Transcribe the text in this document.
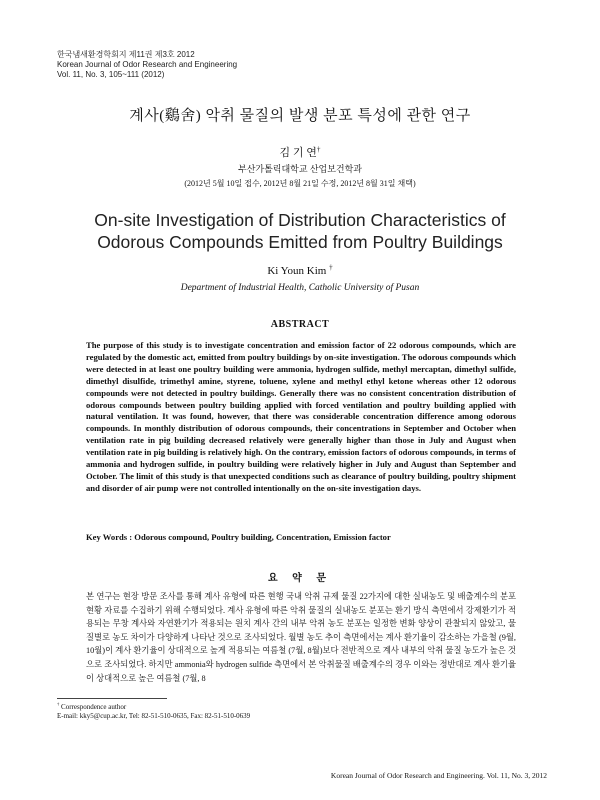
한국냄새환경학회지 제11권 제3호 2012
Korean Journal of Odor Research and Engineering
Vol. 11, No. 3, 105~111 (2012)
계사(鷄舍) 악취 물질의 발생 분포 특성에 관한 연구
김 기 연†
부산가톨릭대학교 산업보건학과
(2012년 5월 10일 접수, 2012년 8월 21일 수정, 2012년 8월 31일 채택)
On-site Investigation of Distribution Characteristics of
Odorous Compounds Emitted from Poultry Buildings
Ki Youn Kim †
Department of Industrial Health, Catholic University of Pusan
ABSTRACT
The purpose of this study is to investigate concentration and emission factor of 22 odorous compounds, which are regulated by the domestic act, emitted from poultry buildings by on-site investigation. The odorous compounds which were detected in at least one poultry building were ammonia, hydrogen sulfide, methyl mercaptan, dimethyl sulfide, dimethyl disulfide, trimethyl amine, styrene, toluene, xylene and methyl ethyl ketone whereas other 12 odorous compounds were not detected in poultry buildings. Generally there was no consistent concentration distribution of odorous compounds between poultry building applied with forced ventilation and poultry building applied with natural ventilation. It was found, however, that there was considerable concentration difference among odorous compounds. In monthly distribution of odorous compounds, their concentrations in September and October when ventilation rate in pig building decreased relatively were generally higher than those in July and August when ventilation rate in pig building is relatively high. On the contrary, emission factors of odorous compounds, in terms of ammonia and hydrogen sulfide, in poultry building were relatively higher in July and August than September and October. The limit of this study is that unexpected conditions such as clearance of poultry building, poultry shipment and disorder of air pump were not controlled intentionally on the on-site investigation days.
Key Words : Odorous compound, Poultry building, Concentration, Emission factor
요 약 문
본 연구는 현장 방문 조사를 통해 계사 유형에 따른 현행 국내 악취 규제 물질 22가지에 대한 실내농도 및 배출계수의 분포 현황 자료를 수집하기 위해 수행되었다. 계사 유형에 따른 악취 물질의 실내농도 분포는 환기 방식 측면에서 강제환기가 적용되는 무창 계사와 자연환기가 적용되는 원치 계사 간의 내부 악취 농도 분포는 일정한 변화 양상이 관찰되지 않았고, 물질별로 농도 차이가 다양하게 나타난 것으로 조사되었다. 월별 농도 추이 측면에서는 계사 환기율이 감소하는 가을철 (9월, 10월)이 계사 환기율이 상대적으로 높게 적용되는 여름철 (7월, 8월)보다 전반적으로 계사 내부의 악취 물질 농도가 높은 것으로 조사되었다. 하지만 ammonia와 hydrogen sulfide 측면에서 본 악취물질 배출계수의 경우 이와는 정반대로 계사 환기율이 상대적으로 높은 여름철 (7월, 8
† Correspondence author
E-mail: kky5@cup.ac.kr, Tel: 82-51-510-0635, Fax: 82-51-510-0639
Korean Journal of Odor Research and Engineering. Vol. 11, No. 3, 2012
